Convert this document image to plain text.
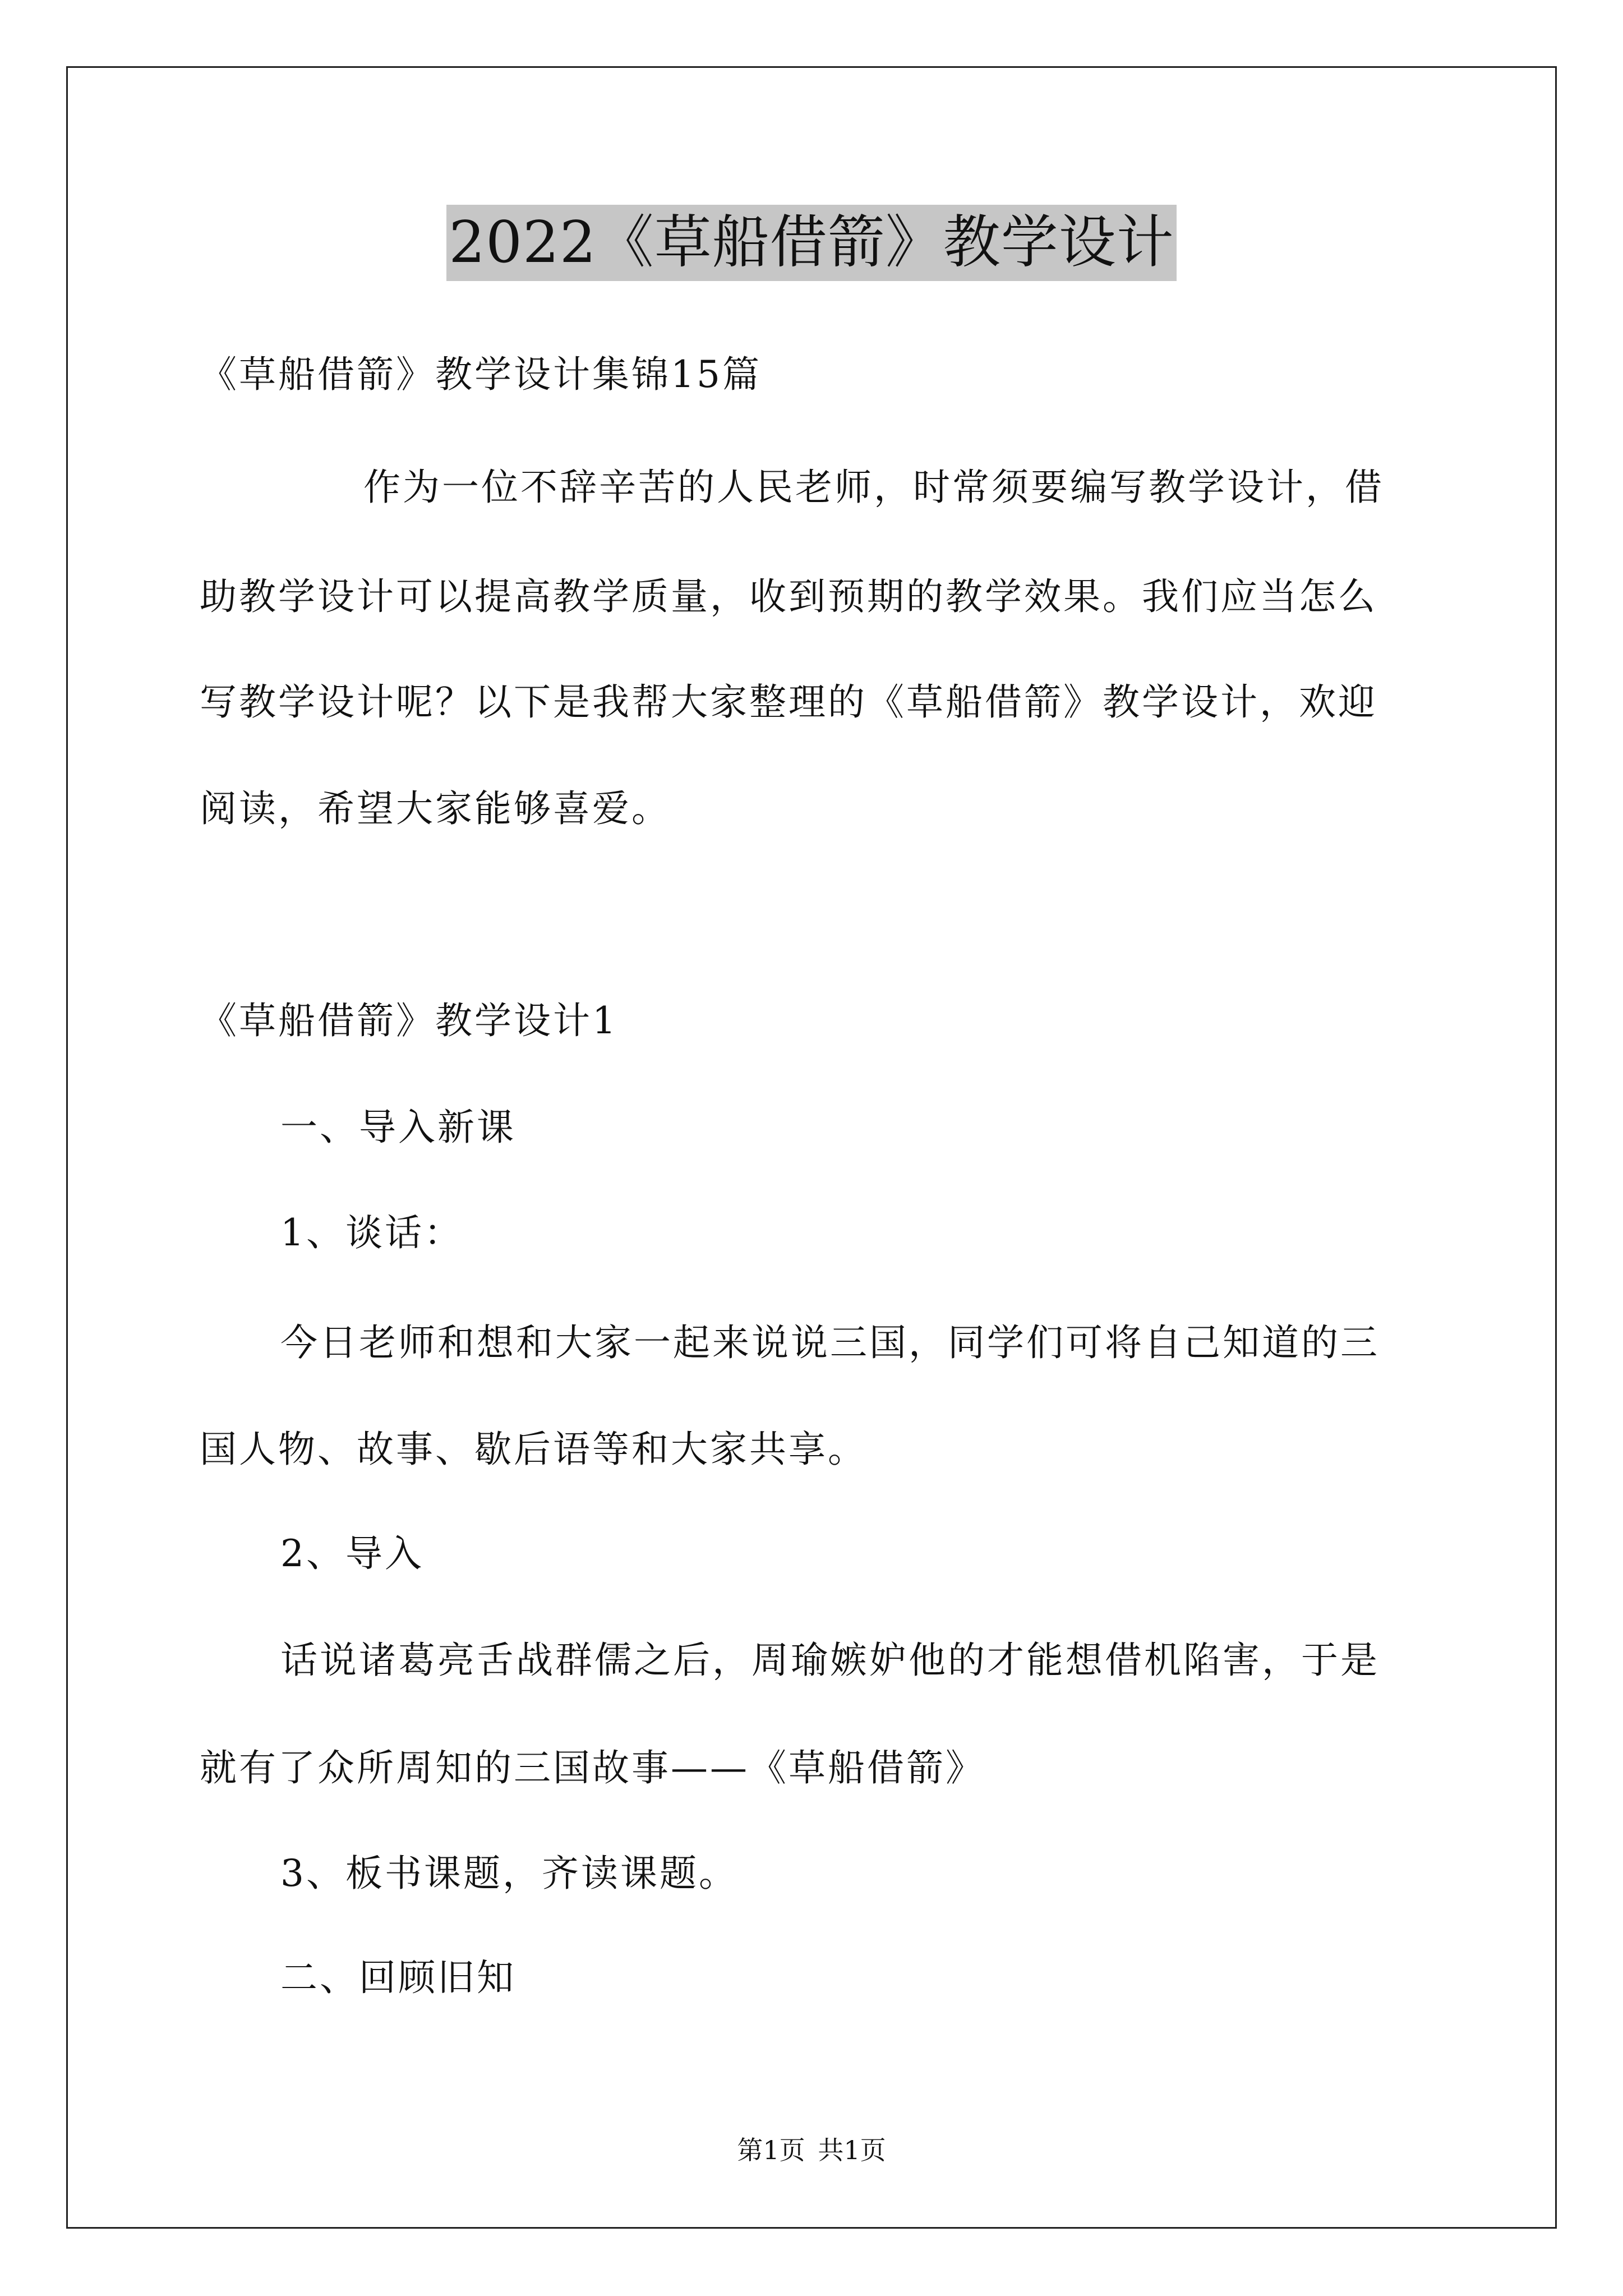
2022《草船借箭》教学设计
《草船借箭》教学设计集锦15篇
作为一位不辞辛苦的人民老师，时常须要编写教学设计，借
助教学设计可以提高教学质量，收到预期的教学效果。我们应当怎么
写教学设计呢？以下是我帮大家整理的《草船借箭》教学设计，欢迎
阅读，希望大家能够喜爱。
《草船借箭》教学设计1
一、导入新课
1、谈话：
今日老师和想和大家一起来说说三国，同学们可将自己知道的三
国人物、故事、歇后语等和大家共享。
2、导入
话说诸葛亮舌战群儒之后，周瑜嫉妒他的才能想借机陷害，于是
就有了众所周知的三国故事——《草船借箭》
3、板书课题，齐读课题。
二、回顾旧知
第1页 共1页
